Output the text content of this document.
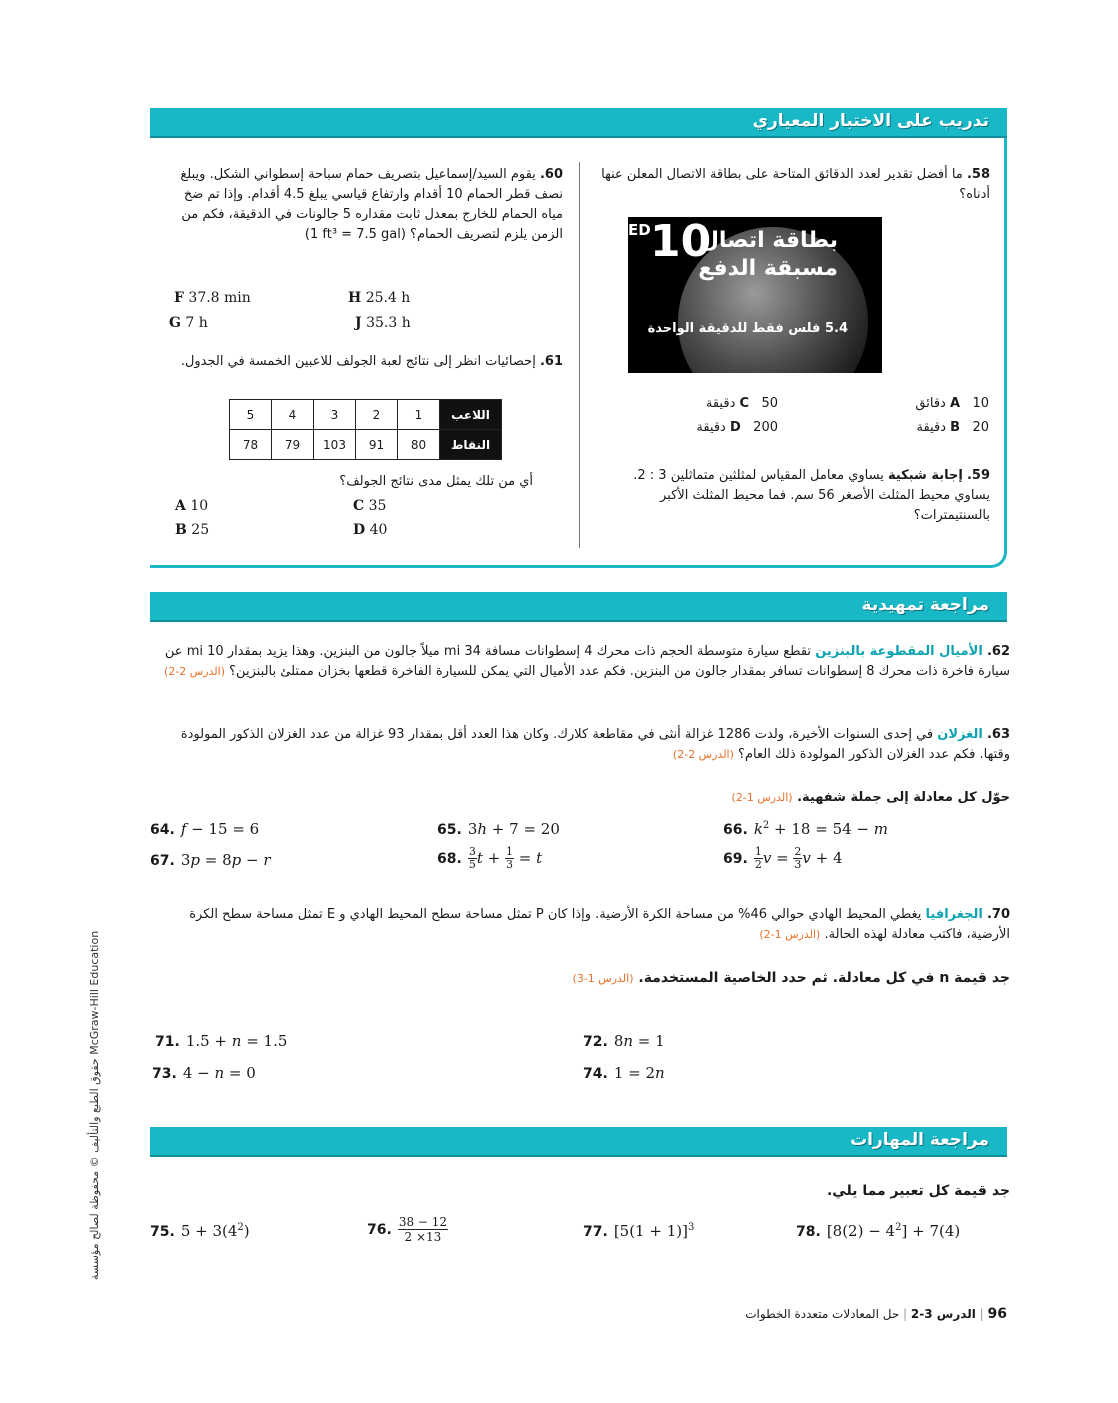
تدريب على الاختبار المعياري
58. ما أفضل تقدير لعدد الدقائق المتاحة على بطاقة الاتصال المعلن عنها أدناه؟
ED 10
بطاقة اتصال
مسبقة الدفع
5.4 فلس فقط للدقيقة الواحدة
A   10 دقائق
B   20 دقيقة
C   50 دقيقة
D   200 دقيقة
59. إجابة شبكية يساوي معامل المقياس لمثلثين متماثلين 3 : 2. يساوي محيط المثلث الأصغر 56 سم. فما محيط المثلث الأكبر بالسنتيمترات؟
60. يقوم السيد/إسماعيل بتصريف حمام سباحة إسطواني الشكل. ويبلغ نصف قطر الحمام 10 أقدام وارتفاع قياسي يبلغ 4.5 أقدام. وإذا تم ضخ مياه الحمام للخارج بمعدل ثابت مقداره 5 جالونات في الدقيقة، فكم من الزمن يلزم لتصريف الحمام؟ (1 ft³ = 7.5 gal)
F 37.8 min
G 7 h
H 25.4 h
J 35.3 h
61. إحصائيات انظر إلى نتائج لعبة الجولف للاعبين الخمسة في الجدول.
5	4	3	2	1	اللاعب
78	79	103	91	80	النقاط
أي من تلك يمثل مدى نتائج الجولف؟
A 10
B 25
C 35
D 40
مراجعة تمهيدية
62. الأميال المقطوعة بالبنزين تقطع سيارة متوسطة الحجم ذات محرك 4 إسطوانات مسافة 34 mi ميلاً جالون من البنزين. وهذا يزيد بمقدار 10 mi عن سيارة فاخرة ذات محرك 8 إسطوانات تسافر بمقدار جالون من البنزين. فكم عدد الأميال التي يمكن للسيارة الفاخرة قطعها بخزان ممتلئ بالبنزين؟ (الدرس 2-2)
63. الغزلان في إحدى السنوات الأخيرة، ولدت 1286 غزالة أنثى في مقاطعة كلارك. وكان هذا العدد أقل بمقدار 93 غزالة من عدد الغزلان الذكور المولودة وقتها. فكم عدد الغزلان الذكور المولودة ذلك العام؟ (الدرس 2-2)
حوّل كل معادلة إلى جملة شفهية. (الدرس 1-2)
64. f − 15 = 6	65. 3h + 7 = 20	66. $k^2 + 18 = 54 - m$
67. 3p = 8p − r	68. $\frac{3}{5}$ $t + \frac{1}{3} = t$	69. $\frac{1}{2}$ $v = \frac{2}{3}$ v + 4
70. الجغرافيا يغطي المحيط الهادي حوالي 46% من مساحة الكرة الأرضية. وإذا كان P تمثل مساحة سطح المحيط الهادي و E تمثل مساحة سطح الكرة الأرضية، فاكتب معادلة لهذه الحالة. (الدرس 1-2)
جد قيمة n في كل معادلة. ثم حدد الخاصية المستخدمة. (الدرس 1-3)
71. 1.5 + n = 1.5	72. 8n = 1
73. 4 − n = 0	74. 1 = 2n
مراجعة المهارات
جد قيمة كل تعبير مما يلي.
75. $5 + 3(4^2)$	76. $\frac{38 - 12}{2 \times 13}$	77. $[5(1 + 1)]^3$	78. $[8(2) - 4^2] + 7(4)$
حقوق الطبع والتأليف © محفوظة لصالح مؤسسة McGraw-Hill Education
96 | الدرس 3-2 | حل المعادلات متعددة الخطوات
